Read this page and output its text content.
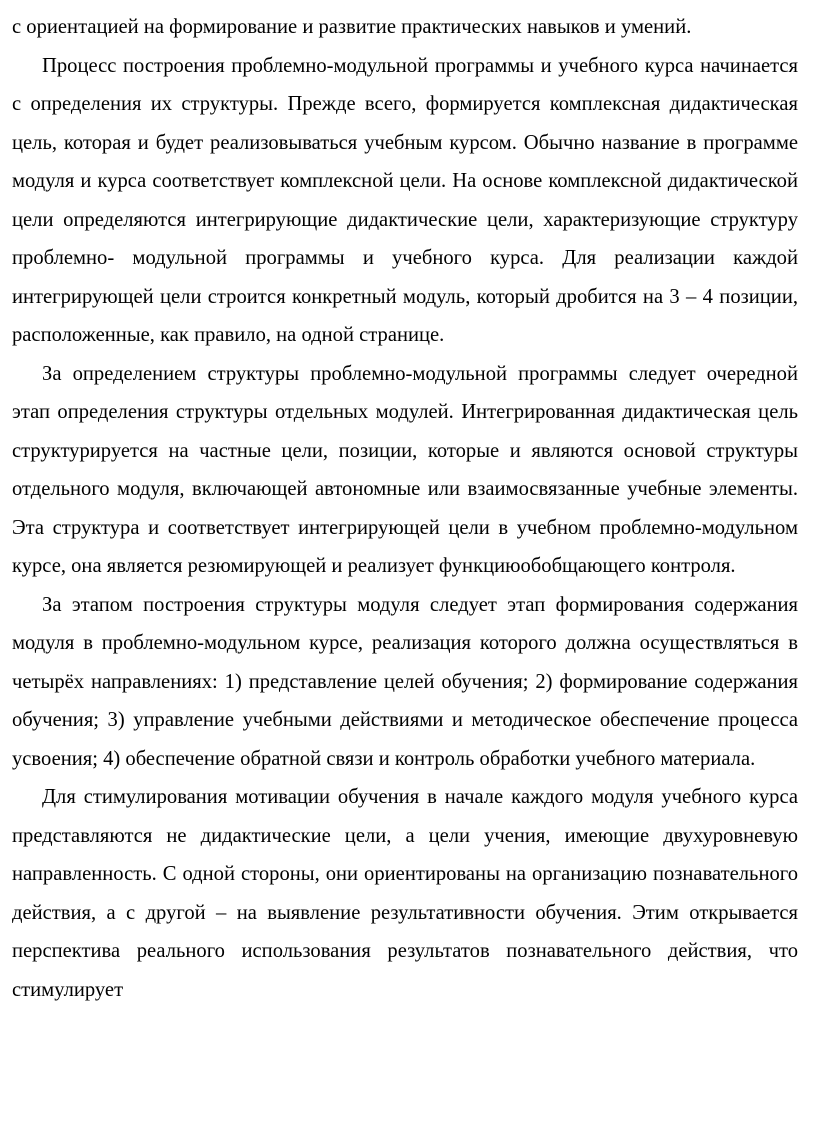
с ориентацией на формирование и развитие практических навыков и умений.

Процесс построения проблемно-модульной программы и учебного курса начинается с определения их структуры. Прежде всего, формируется комплексная дидактическая цель, которая и будет реализовываться учебным курсом. Обычно название в программе модуля и курса соответствует комплексной цели. На основе комплексной дидактической цели определяются интегрирующие дидактические цели, характеризующие структуру проблемно- модульной программы и учебного курса. Для реализации каждой интегрирующей цели строится конкретный модуль, который дробится на 3 – 4 позиции, расположенные, как правило, на одной странице.

За определением структуры проблемно-модульной программы следует очередной этап определения структуры отдельных модулей. Интегрированная дидактическая цель структурируется на частные цели, позиции, которые и являются основой структуры отдельного модуля, включающей автономные или взаимосвязанные учебные элементы. Эта структура и соответствует интегрирующей цели в учебном проблемно-модульном курсе, она является резюмирующей и реализует функциюобобщающего контроля.

За этапом построения структуры модуля следует этап формирования содержания модуля в проблемно-модульном курсе, реализация которого должна осуществляться в четырёх направлениях: 1) представление целей обучения; 2) формирование содержания обучения; 3) управление учебными действиями и методическое обеспечение процесса усвоения; 4) обеспечение обратной связи и контроль обработки учебного материала.

Для стимулирования мотивации обучения в начале каждого модуля учебного курса представляются не дидактические цели, а цели учения, имеющие двухуровневую направленность. С одной стороны, они ориентированы на организацию познавательного действия, а с другой – на выявление результативности обучения. Этим открывается перспектива реального использования результатов познавательного действия, что стимулирует
